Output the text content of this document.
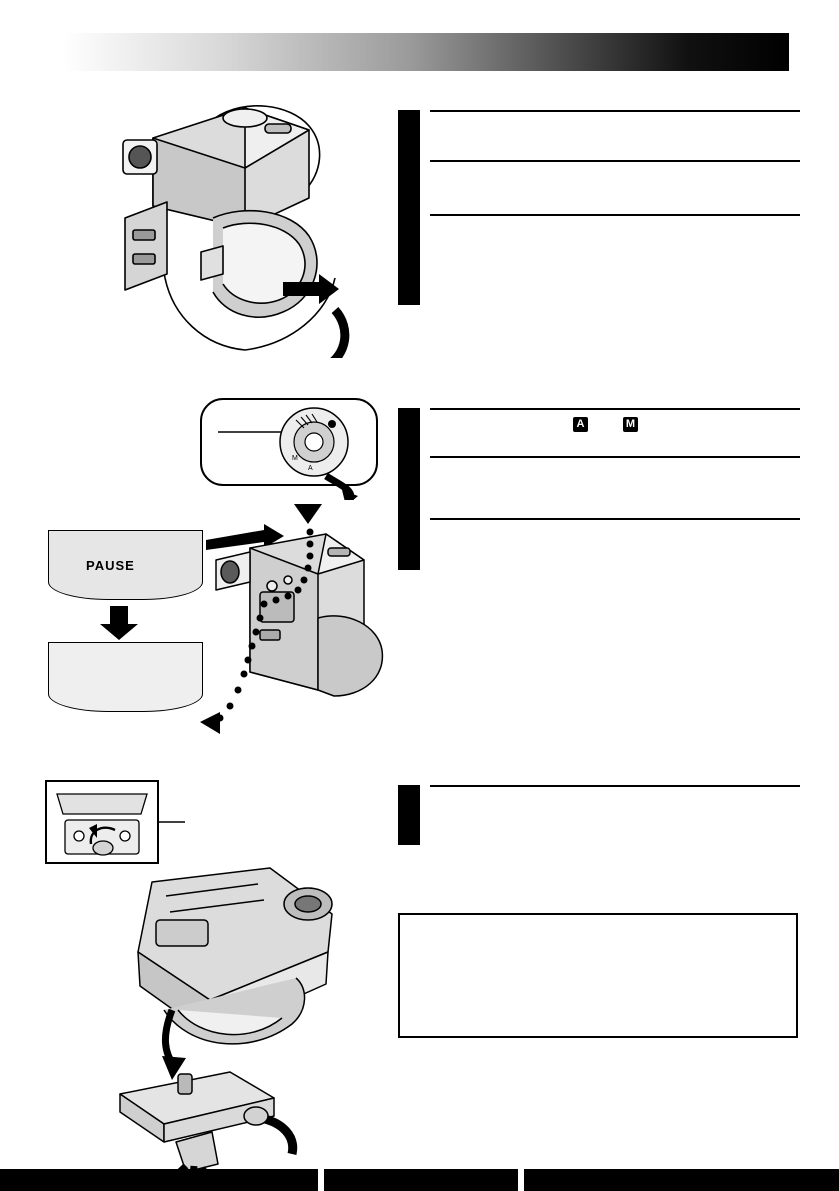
M
A
PAUSE
A	M
